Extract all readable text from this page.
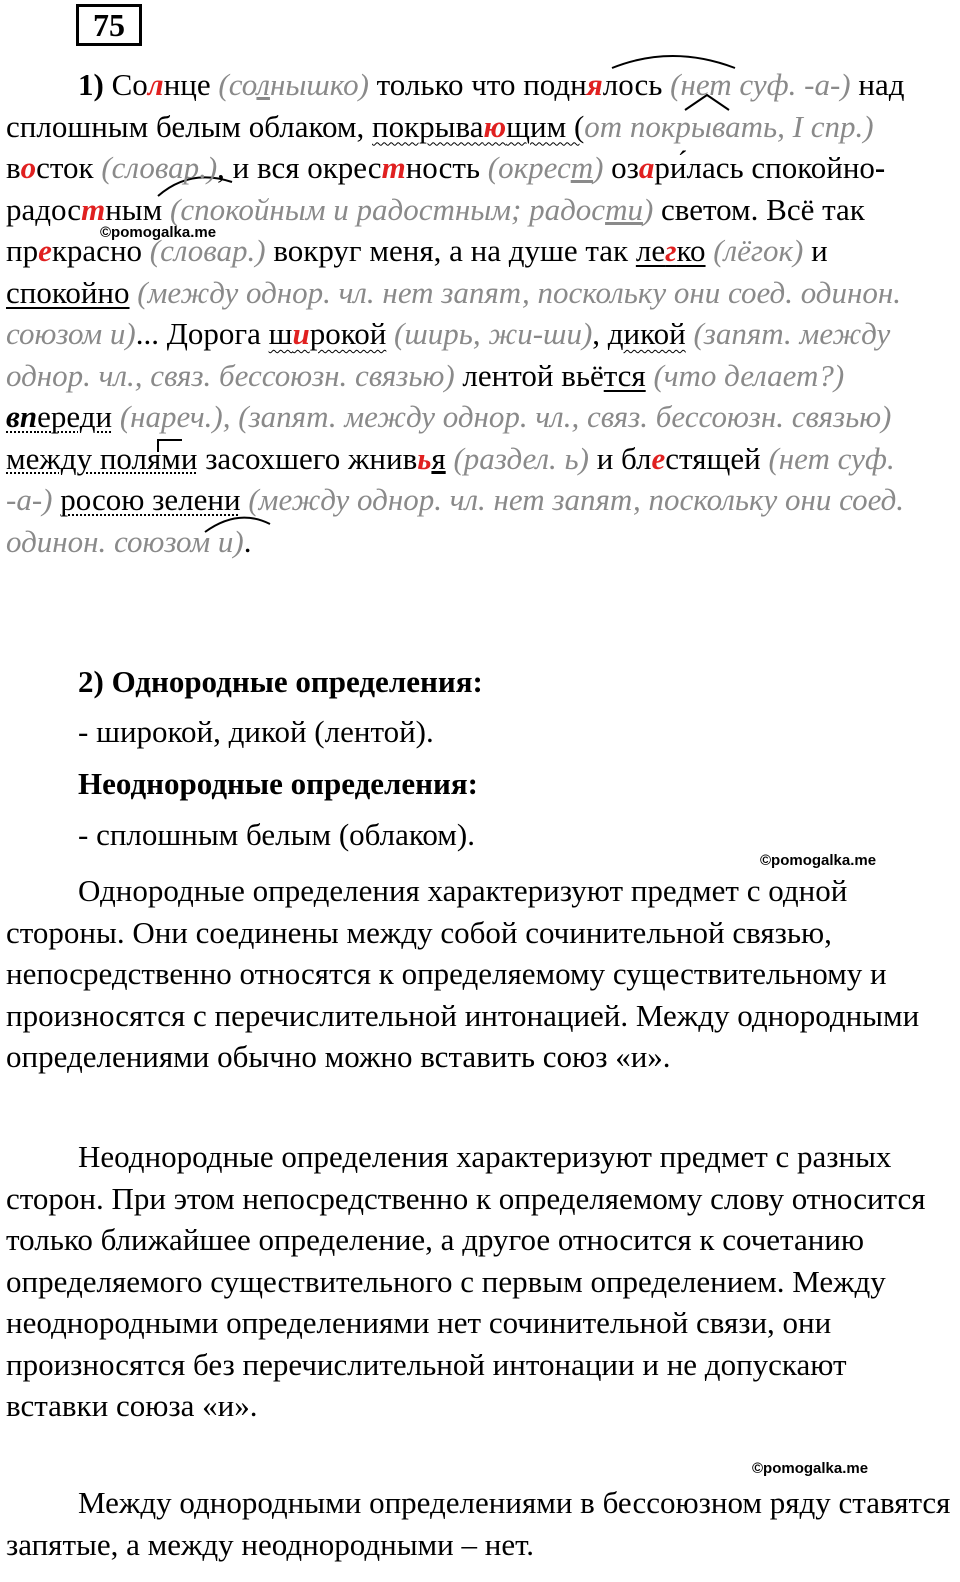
75
©pomogalka.me
©pomogalka.me
©pomogalka.me

1) Солнце (солнышко) только что поднялось (нет суф. -а-) над сплошным белым облаком, покрывающим (от покрывать, I спр.) восток (словар.), и вся окрестность (окрест) озари́лась спокойно-радостным (спокойным и радостным; радости) светом. Всё так прекрасно (словар.) вокруг меня, а на душе так легко (лёгок) и спокойно (между однор. чл. нет запят, поскольку они соед. одинон. союзом и)... Дорога широкой (ширь, жи-ши), дикой (запят. между однор. чл., связ. бессоюзн. связью) лентой вьётся (что делает?) впереди (нареч.), (запят. между однор. чл., связ. бессоюзн. связью) между полями засохшего жнивья (раздел. ь) и блестящей (нет суф. -а-) росою зелени (между однор. чл. нет запят, поскольку они соед. одинон. союзом и).

2) Однородные определения:

- широкой, дикой (лентой).

Неоднородные определения:

- сплошным белым (облаком).

Однородные определения характеризуют предмет с одной стороны. Они соединены между собой сочинительной связью, непосредственно относятся к определяемому существительному и произносятся с перечислительной интонацией. Между однородными определениями обычно можно вставить союз «и».

Неоднородные определения характеризуют предмет с разных сторон. При этом непосредственно к определяемому слову относится только ближайшее определение, а другое относится к сочетанию определяемого существительного с первым определением. Между неоднородными определениями нет сочинительной связи, они произносятся без перечислительной интонации и не допускают вставки союза «и».

Между однородными определениями в бессоюзном ряду ставятся запятые, а между неоднородными – нет.
